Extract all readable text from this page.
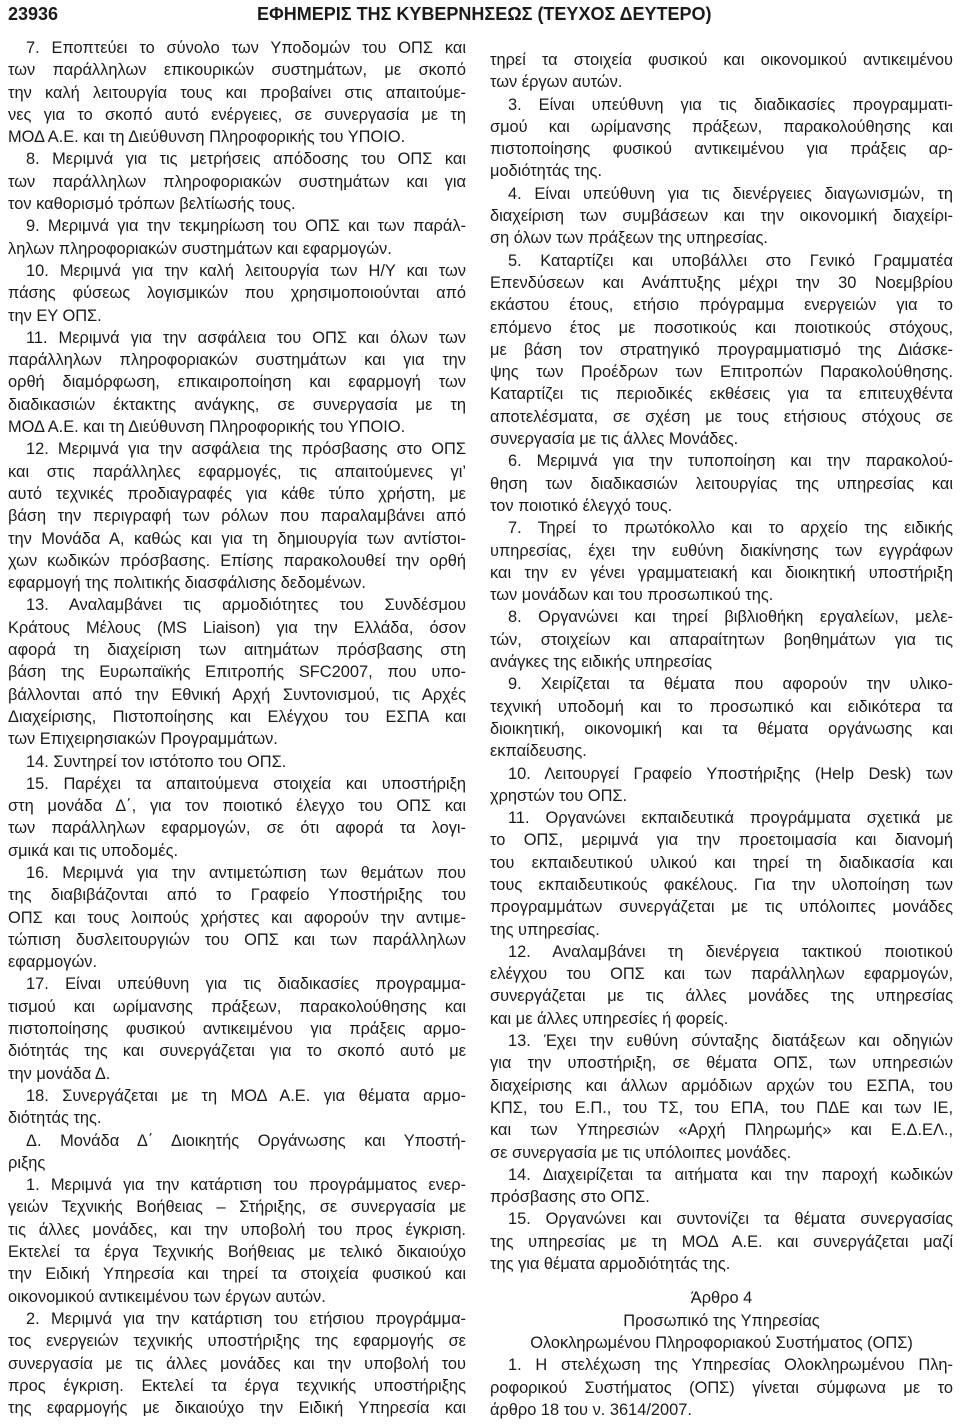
23936	ΕΦΗΜΕΡΙΣ ΤΗΣ ΚΥΒΕΡΝΗΣΕΩΣ (ΤΕΥΧΟΣ ΔΕΥΤΕΡΟ)
7. Εποπτεύει το σύνολο των Υποδομών του ΟΠΣ και
των παράλληλων επικουρικών συστημάτων, με σκοπό
την καλή λειτουργία τους και προβαίνει στις απαιτούμε-
νες για το σκοπό αυτό ενέργειες, σε συνεργασία με τη
ΜΟΔ Α.Ε. και τη Διεύθυνση Πληροφορικής του ΥΠΟΙΟ.
8. Μεριμνά για τις μετρήσεις απόδοσης του ΟΠΣ και
των παράλληλων πληροφοριακών συστημάτων και για
τον καθορισμό τρόπων βελτίωσής τους.
9. Μεριμνά για την τεκμηρίωση του ΟΠΣ και των παράλ-
ληλων πληροφοριακών συστημάτων και εφαρμογών.
10. Μεριμνά για την καλή λειτουργία των Η/Υ και των
πάσης φύσεως λογισμικών που χρησιμοποιούνται από
την ΕΥ ΟΠΣ.
11. Μεριμνά για την ασφάλεια του ΟΠΣ και όλων των
παράλληλων πληροφοριακών συστημάτων και για την
ορθή διαμόρφωση, επικαιροποίηση και εφαρμογή των
διαδικασιών έκτακτης ανάγκης, σε συνεργασία με τη
ΜΟΔ Α.Ε. και τη Διεύθυνση Πληροφορικής του ΥΠΟΙΟ.
12. Μεριμνά για την ασφάλεια της πρόσβασης στο ΟΠΣ
και στις παράλληλες εφαρμογές, τις απαιτούμενες γι’
αυτό τεχνικές προδιαγραφές για κάθε τύπο χρήστη, με
βάση την περιγραφή των ρόλων που παραλαμβάνει από
την Μονάδα Α, καθώς και για τη δημιουργία των αντίστοι-
χων κωδικών πρόσβασης. Επίσης παρακολουθεί την ορθή
εφαρμογή της πολιτικής διασφάλισης δεδομένων.
13. Αναλαμβάνει τις αρμοδιότητες του Συνδέσμου
Κράτους Μέλους (MS Liaison) για την Ελλάδα, όσον
αφορά τη διαχείριση των αιτημάτων πρόσβασης στη
βάση της Ευρωπαϊκής Επιτροπής SFC2007, που υπο-
βάλλονται από την Εθνική Αρχή Συντονισμού, τις Αρχές
Διαχείρισης, Πιστοποίησης και Ελέγχου του ΕΣΠΑ και
των Επιχειρησιακών Προγραμμάτων.
14. Συντηρεί τον ιστότοπο του ΟΠΣ.
15. Παρέχει τα απαιτούμενα στοιχεία και υποστήριξη
στη μονάδα Δ΄, για τον ποιοτικό έλεγχο του ΟΠΣ και
των παράλληλων εφαρμογών, σε ότι αφορά τα λογι-
σμικά και τις υποδομές.
16. Μεριμνά για την αντιμετώπιση των θεμάτων που
της διαβιβάζονται από το Γραφείο Υποστήριξης του
ΟΠΣ και τους λοιπούς χρήστες και αφορούν την αντιμε-
τώπιση δυσλειτουργιών του ΟΠΣ και των παράλληλων
εφαρμογών.
17. Είναι υπεύθυνη για τις διαδικασίες προγραμμα-
τισμού και ωρίμανσης πράξεων, παρακολούθησης και
πιστοποίησης φυσικού αντικειμένου για πράξεις αρμο-
διότητάς της και συνεργάζεται για το σκοπό αυτό με
την μονάδα Δ.
18. Συνεργάζεται με τη ΜΟΔ Α.Ε. για θέματα αρμο-
διότητάς της.
Δ. Μονάδα Δ΄ Διοικητής Οργάνωσης και Υποστή-
ριξης
1. Μεριμνά για την κατάρτιση του προγράμματος ενερ-
γειών Τεχνικής Βοήθειας – Στήριξης, σε συνεργασία με
τις άλλες μονάδες, και την υποβολή του προς έγκριση.
Εκτελεί τα έργα Τεχνικής Βοήθειας με τελικό δικαιούχο
την Ειδική Υπηρεσία και τηρεί τα στοιχεία φυσικού και
οικονομικού αντικειμένου των έργων αυτών.
2. Μεριμνά για την κατάρτιση του ετήσιου προγράμμα-
τος ενεργειών τεχνικής υποστήριξης της εφαρμογής σε
συνεργασία με τις άλλες μονάδες και την υποβολή του
προς έγκριση. Εκτελεί τα έργα τεχνικής υποστήριξης
της εφαρμογής με δικαιούχο την Ειδική Υπηρεσία και
τηρεί τα στοιχεία φυσικού και οικονομικού αντικειμένου
των έργων αυτών.
3. Είναι υπεύθυνη για τις διαδικασίες προγραμματι-
σμού και ωρίμανσης πράξεων, παρακολούθησης και
πιστοποίησης φυσικού αντικειμένου για πράξεις αρ-
μοδιότητάς της.
4. Είναι υπεύθυνη για τις διενέργειες διαγωνισμών, τη
διαχείριση των συμβάσεων και την οικονομική διαχείρι-
ση όλων των πράξεων της υπηρεσίας.
5. Καταρτίζει και υποβάλλει στο Γενικό Γραμματέα
Επενδύσεων και Ανάπτυξης μέχρι την 30 Νοεμβρίου
εκάστου έτους, ετήσιο πρόγραμμα ενεργειών για το
επόμενο έτος με ποσοτικούς και ποιοτικούς στόχους,
με βάση τον στρατηγικό προγραμματισμό της Διάσκε-
ψης των Προέδρων των Επιτροπών Παρακολούθησης.
Καταρτίζει τις περιοδικές εκθέσεις για τα επιτευχθέντα
αποτελέσματα, σε σχέση με τους ετήσιους στόχους σε
συνεργασία με τις άλλες Μονάδες.
6. Μεριμνά για την τυποποίηση και την παρακολού-
θηση των διαδικασιών λειτουργίας της υπηρεσίας και
τον ποιοτικό έλεγχό τους.
7. Τηρεί το πρωτόκολλο και το αρχείο της ειδικής
υπηρεσίας, έχει την ευθύνη διακίνησης των εγγράφων
και την εν γένει γραμματειακή και διοικητική υποστήριξη
των μονάδων και του προσωπικού της.
8. Οργανώνει και τηρεί βιβλιοθήκη εργαλείων, μελε-
τών, στοιχείων και απαραίτητων βοηθημάτων για τις
ανάγκες της ειδικής υπηρεσίας
9. Χειρίζεται τα θέματα που αφορούν την υλικο-
τεχνική υποδομή και το προσωπικό και ειδικότερα τα
διοικητική, οικονομική και τα θέματα οργάνωσης και
εκπαίδευσης.
10. Λειτουργεί Γραφείο Υποστήριξης (Help Desk) των
χρηστών του ΟΠΣ.
11. Οργανώνει εκπαιδευτικά προγράμματα σχετικά με
το ΟΠΣ, μεριμνά για την προετοιμασία και διανομή
του εκπαιδευτικού υλικού και τηρεί τη διαδικασία και
τους εκπαιδευτικούς φακέλους. Για την υλοποίηση των
προγραμμάτων συνεργάζεται με τις υπόλοιπες μονάδες
της υπηρεσίας.
12. Αναλαμβάνει τη διενέργεια τακτικού ποιοτικού
ελέγχου του ΟΠΣ και των παράλληλων εφαρμογών,
συνεργάζεται με τις άλλες μονάδες της υπηρεσίας
και με άλλες υπηρεσίες ή φορείς.
13. Έχει την ευθύνη σύνταξης διατάξεων και οδηγιών
για την υποστήριξη, σε θέματα ΟΠΣ, των υπηρεσιών
διαχείρισης και άλλων αρμόδιων αρχών του ΕΣΠΑ, του
ΚΠΣ, του Ε.Π., του ΤΣ, του ΕΠΑ, του ΠΔΕ και των ΙΕ,
και των Υπηρεσιών «Αρχή Πληρωμής» και Ε.Δ.ΕΛ.,
σε συνεργασία με τις υπόλοιπες μονάδες.
14. Διαχειρίζεται τα αιτήματα και την παροχή κωδικών
πρόσβασης στο ΟΠΣ.
15. Οργανώνει και συντονίζει τα θέματα συνεργασίας
της υπηρεσίας με τη ΜΟΔ Α.Ε. και συνεργάζεται μαζί
της για θέματα αρμοδιότητάς της.
Άρθρο 4
Προσωπικό της Υπηρεσίας
Ολοκληρωμένου Πληροφοριακού Συστήματος (ΟΠΣ)
1. Η στελέχωση της Υπηρεσίας Ολοκληρωμένου Πλη-
ροφορικού Συστήματος (ΟΠΣ) γίνεται σύμφωνα με το
άρθρο 18 του ν. 3614/2007.
